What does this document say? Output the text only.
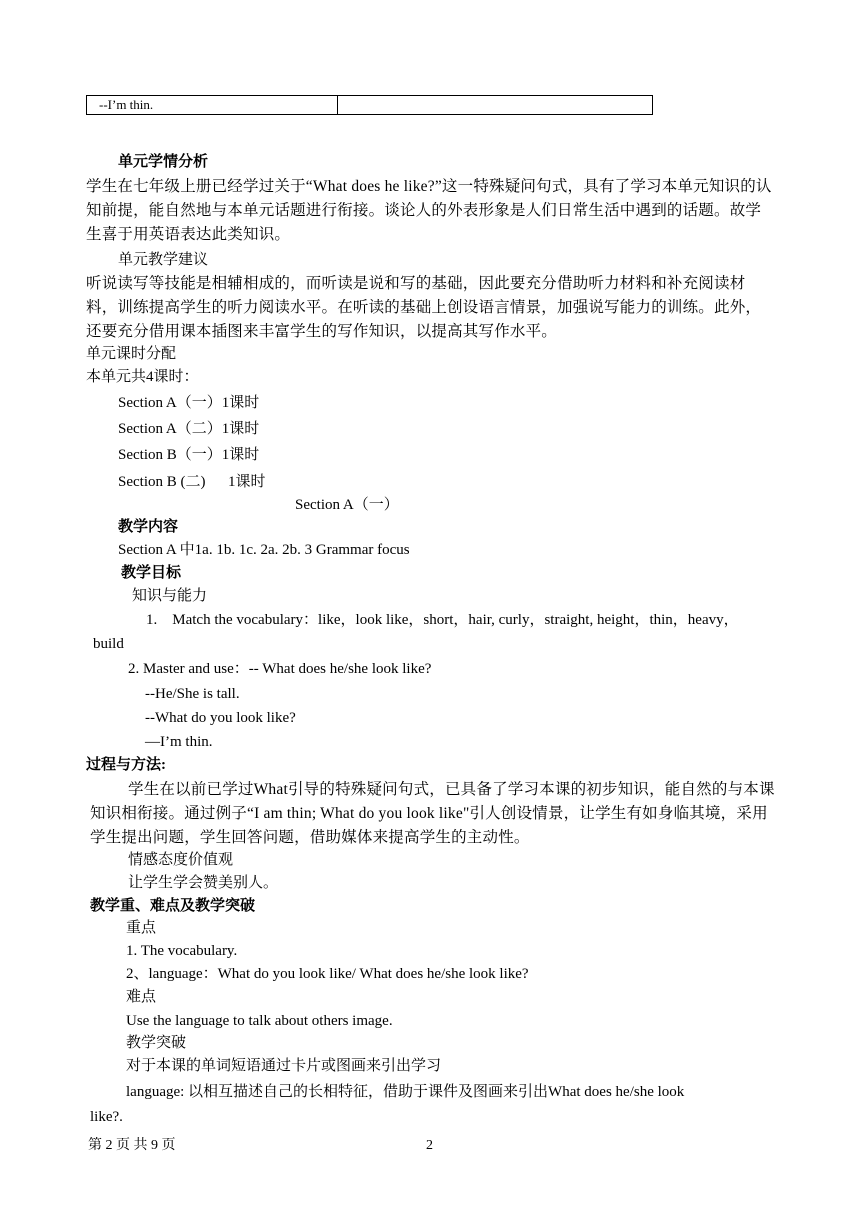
--I’m thin.	
单元学情分析
学生在七年级上册已经学过关于“What does he like?”这一特殊疑问句式，具有了学习本单元知识的认知前提，能自然地与本单元话题进行衔接。谈论人的外表形象是人们日常生活中遇到的话题。故学生喜于用英语表达此类知识。
单元教学建议
听说读写等技能是相辅相成的，而听读是说和写的基础，因此要充分借助听力材料和补充阅读材料，训练提高学生的听力阅读水平。在听读的基础上创设语言情景，加强说写能力的训练。此外，还要充分借用课本插图来丰富学生的写作知识，以提高其写作水平。
单元课时分配
本单元共4课时：
Section A（一）1课时
Section A（二）1课时
Section B（一）1课时
Section B (二)      1课时
Section A（一）
教学内容
Section A 中1a. 1b. 1c. 2a. 2b. 3 Grammar focus
教学目标
知识与能力
1.    Match the vocabulary：like，look like，short，hair, curly，straight, height，thin，heavy，
build
2. Master and use：-- What does he/she look like?
--He/She is tall.
--What do you look like?
—I’m thin.
过程与方法:
学生在以前已学过What引导的特殊疑问句式，已具备了学习本课的初步知识，能自然的与本课知识相衔接。通过例子“I am thin; What do you look like"引人创设情景，让学生有如身临其境，采用学生提出问题，学生回答问题，借助媒体来提高学生的主动性。
情感态度价值观
让学生学会赞美别人。
教学重、难点及教学突破
重点
1. The vocabulary.
2、language：What do you look like/ What does he/she look like?
难点
Use the language to talk about others image.
教学突破
对于本课的单词短语通过卡片或图画来引出学习
language: 以相互描述自己的长相特征，借助于课件及图画来引出What does he/she look
like?.
第 2 页 共 9 页	2
